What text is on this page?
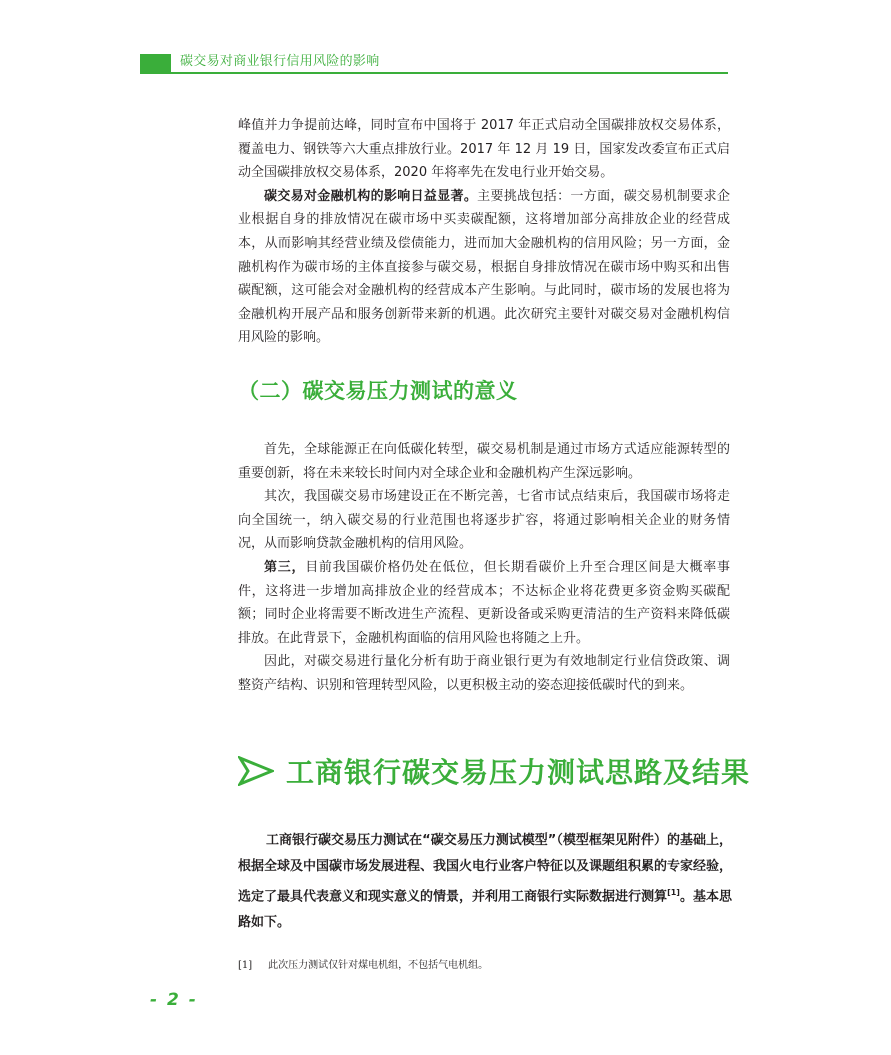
碳交易对商业银行信用风险的影响

峰值并力争提前达峰，同时宣布中国将于 2017 年正式启动全国碳排放权交易体系，覆盖电力、钢铁等六大重点排放行业。2017 年 12 月 19 日，国家发改委宣布正式启动全国碳排放权交易体系，2020 年将率先在发电行业开始交易。

碳交易对金融机构的影响日益显著。主要挑战包括：一方面，碳交易机制要求企业根据自身的排放情况在碳市场中买卖碳配额，这将增加部分高排放企业的经营成本，从而影响其经营业绩及偿债能力，进而加大金融机构的信用风险；另一方面，金融机构作为碳市场的主体直接参与碳交易，根据自身排放情况在碳市场中购买和出售碳配额，这可能会对金融机构的经营成本产生影响。与此同时，碳市场的发展也将为金融机构开展产品和服务创新带来新的机遇。此次研究主要针对碳交易对金融机构信用风险的影响。

（二）碳交易压力测试的意义

首先，全球能源正在向低碳化转型，碳交易机制是通过市场方式适应能源转型的重要创新，将在未来较长时间内对全球企业和金融机构产生深远影响。

其次，我国碳交易市场建设正在不断完善，七省市试点结束后，我国碳市场将走向全国统一，纳入碳交易的行业范围也将逐步扩容，将通过影响相关企业的财务情况，从而影响贷款金融机构的信用风险。

第三，目前我国碳价格仍处在低位，但长期看碳价上升至合理区间是大概率事件，这将进一步增加高排放企业的经营成本；不达标企业将花费更多资金购买碳配额；同时企业将需要不断改进生产流程、更新设备或采购更清洁的生产资料来降低碳排放。在此背景下，金融机构面临的信用风险也将随之上升。

因此，对碳交易进行量化分析有助于商业银行更为有效地制定行业信贷政策、调整资产结构、识别和管理转型风险，以更积极主动的姿态迎接低碳时代的到来。

工商银行碳交易压力测试思路及结果

工商银行碳交易压力测试在“碳交易压力测试模型”（模型框架见附件）的基础上，根据全球及中国碳市场发展进程、我国火电行业客户特征以及课题组积累的专家经验，选定了最具代表意义和现实意义的情景，并利用工商银行实际数据进行测算[1]。基本思路如下。

[1] 此次压力测试仅针对煤电机组，不包括气电机组。
- 2 -
